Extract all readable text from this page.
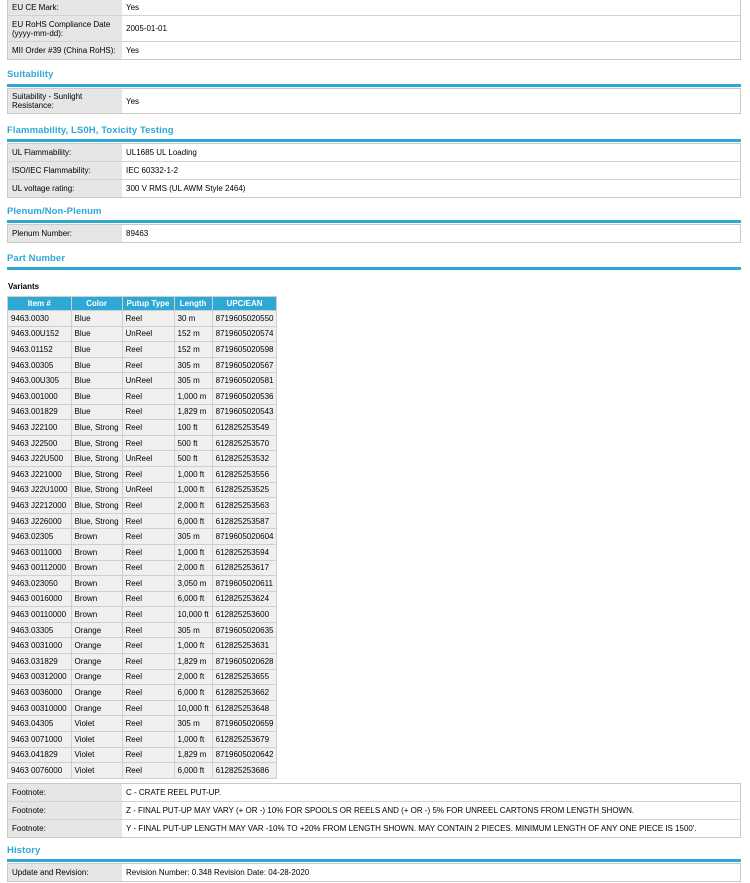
EU CE Mark:	Yes
EU RoHS Compliance Date (yyyy-mm-dd):	2005-01-01
MII Order #39 (China RoHS):	Yes
Suitability
Suitability - Sunlight Resistance:	Yes
Flammability, LS0H, Toxicity Testing
UL Flammability:	UL1685 UL Loading
ISO/IEC Flammability:	IEC 60332-1-2
UL voltage rating:	300 V RMS (UL AWM Style 2464)
Plenum/Non-Plenum
Plenum Number:	89463
Part Number
Variants
Item #	Color	Putup Type	Length	UPC/EAN
9463.0030	Blue	Reel	30 m	8719605020550
9463.00U152	Blue	UnReel	152 m	8719605020574
9463.01152	Blue	Reel	152 m	8719605020598
9463.00305	Blue	Reel	305 m	8719605020567
9463.00U305	Blue	UnReel	305 m	8719605020581
9463.001000	Blue	Reel	1,000 m	8719605020536
9463.001829	Blue	Reel	1,829 m	8719605020543
9463 J22100	Blue, Strong	Reel	100 ft	612825253549
9463 J22500	Blue, Strong	Reel	500 ft	612825253570
9463 J22U500	Blue, Strong	UnReel	500 ft	612825253532
9463 J221000	Blue, Strong	Reel	1,000 ft	612825253556
9463 J22U1000	Blue, Strong	UnReel	1,000 ft	612825253525
9463 J2212000	Blue, Strong	Reel	2,000 ft	612825253563
9463 J226000	Blue, Strong	Reel	6,000 ft	612825253587
9463.02305	Brown	Reel	305 m	8719605020604
9463 0011000	Brown	Reel	1,000 ft	612825253594
9463 00112000	Brown	Reel	2,000 ft	612825253617
9463.023050	Brown	Reel	3,050 m	8719605020611
9463 0016000	Brown	Reel	6,000 ft	612825253624
9463 00110000	Brown	Reel	10,000 ft	612825253600
9463.03305	Orange	Reel	305 m	8719605020635
9463 0031000	Orange	Reel	1,000 ft	612825253631
9463.031829	Orange	Reel	1,829 m	8719605020628
9463 00312000	Orange	Reel	2,000 ft	612825253655
9463 0036000	Orange	Reel	6,000 ft	612825253662
9463 00310000	Orange	Reel	10,000 ft	612825253648
9463.04305	Violet	Reel	305 m	8719605020659
9463 0071000	Violet	Reel	1,000 ft	612825253679
9463.041829	Violet	Reel	1,829 m	8719605020642
9463 0076000	Violet	Reel	6,000 ft	612825253686
Footnote:	C - CRATE REEL PUT-UP.
Footnote:	Z - FINAL PUT-UP MAY VARY (+ OR -) 10% FOR SPOOLS OR REELS AND (+ OR -) 5% FOR UNREEL CARTONS FROM LENGTH SHOWN.
Footnote:	Y - FINAL PUT-UP LENGTH MAY VAR -10% TO +20% FROM LENGTH SHOWN. MAY CONTAIN 2 PIECES. MINIMUM LENGTH OF ANY ONE PIECE IS 1500'.
History
Update and Revision:	Revision Number: 0.348 Revision Date: 04-28-2020
